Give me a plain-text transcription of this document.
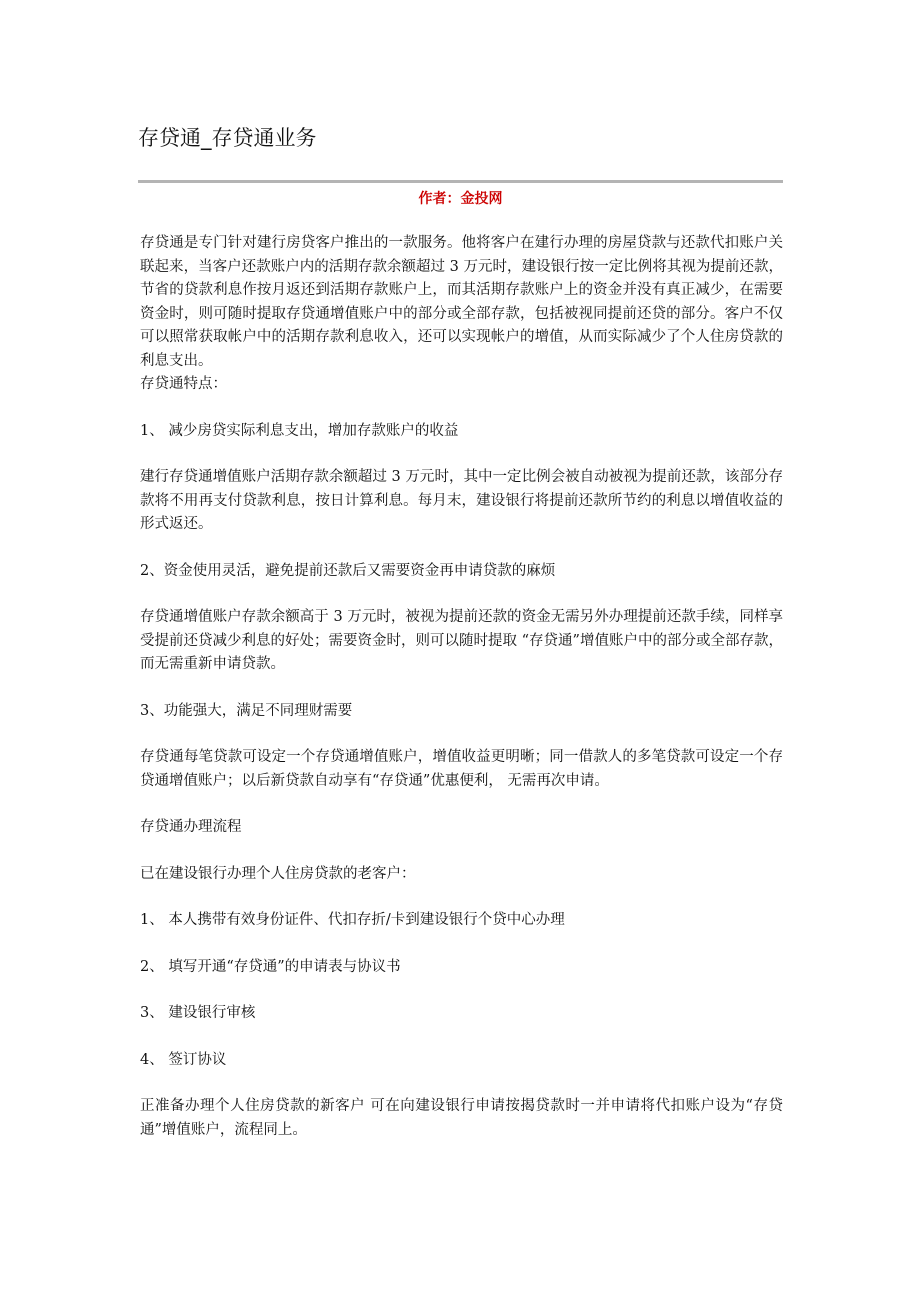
存贷通_存贷通业务
作者：金投网

存贷通是专门针对建行房贷客户推出的一款服务。他将客户在建行办理的房屋贷款与还款代扣账户关联起来，当客户还款账户内的活期存款余额超过 3 万元时，建设银行按一定比例将其视为提前还款，节省的贷款利息作按月返还到活期存款账户上，而其活期存款账户上的资金并没有真正减少，在需要资金时，则可随时提取存贷通增值账户中的部分或全部存款，包括被视同提前还贷的部分。客户不仅可以照常获取帐户中的活期存款利息收入，还可以实现帐户的增值，从而实际减少了个人住房贷款的利息支出。

存贷通特点：

1、 减少房贷实际利息支出，增加存款账户的收益

建行存贷通增值账户活期存款余额超过 3 万元时，其中一定比例会被自动被视为提前还款，该部分存款将不用再支付贷款利息，按日计算利息。每月末，建设银行将提前还款所节约的利息以增值收益的形式返还。

2、资金使用灵活，避免提前还款后又需要资金再申请贷款的麻烦

存贷通增值账户存款余额高于 3 万元时，被视为提前还款的资金无需另外办理提前还款手续，同样享受提前还贷减少利息的好处；需要资金时，则可以随时提取 “存贷通”增值账户中的部分或全部存款，而无需重新申请贷款。

3、功能强大，满足不同理财需要

存贷通每笔贷款可设定一个存贷通增值账户，增值收益更明晰；同一借款人的多笔贷款可设定一个存贷通增值账户；以后新贷款自动享有“存贷通”优惠便利， 无需再次申请。

存贷通办理流程

已在建设银行办理个人住房贷款的老客户：

1、 本人携带有效身份证件、代扣存折/卡到建设银行个贷中心办理

2、 填写开通“存贷通”的申请表与协议书

3、 建设银行审核

4、 签订协议

正准备办理个人住房贷款的新客户 可在向建设银行申请按揭贷款时一并申请将代扣账户设为“存贷通”增值账户，流程同上。
